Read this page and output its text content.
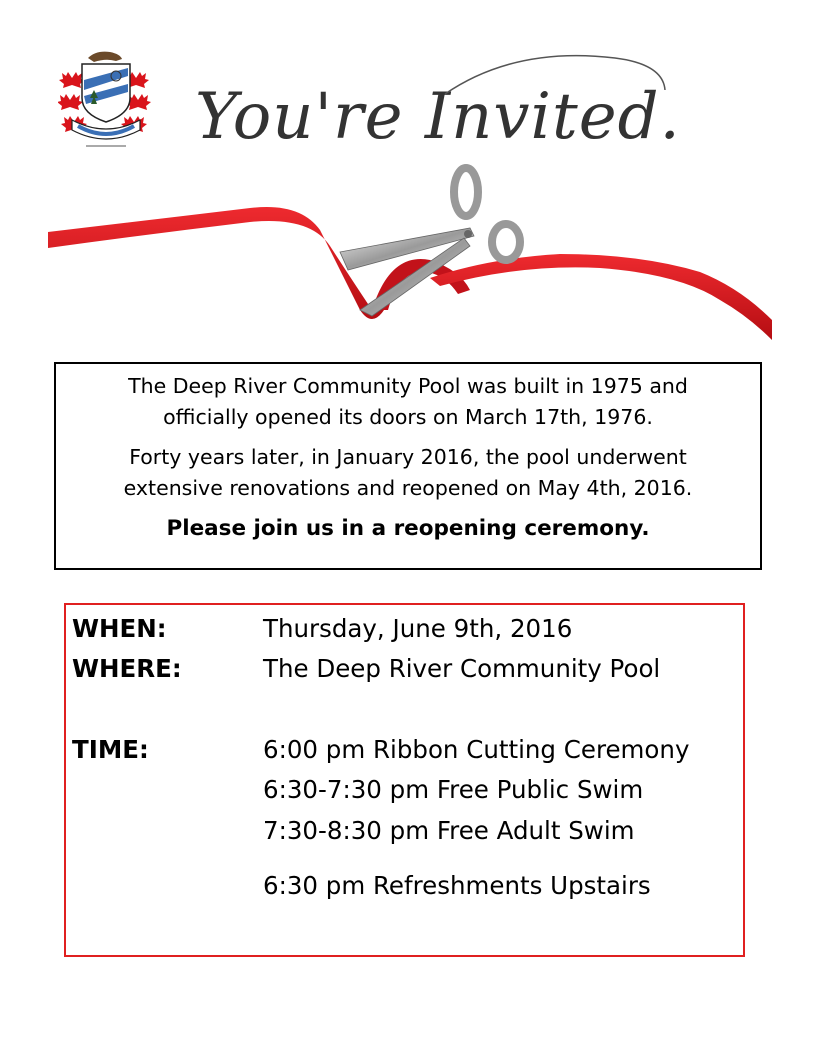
You're Invited...

The Deep River Community Pool was built in 1975 and
officially opened its doors on March 17th, 1976.

Forty years later, in January 2016, the pool underwent
extensive renovations and reopened on May 4th, 2016.

Please join us in a reopening ceremony.

WHEN:	Thursday, June 9th, 2016
WHERE:	The Deep River Community Pool
TIME:	6:00 pm Ribbon Cutting Ceremony
6:30-7:30 pm Free Public Swim
7:30-8:30 pm Free Adult Swim
6:30 pm Refreshments Upstairs
